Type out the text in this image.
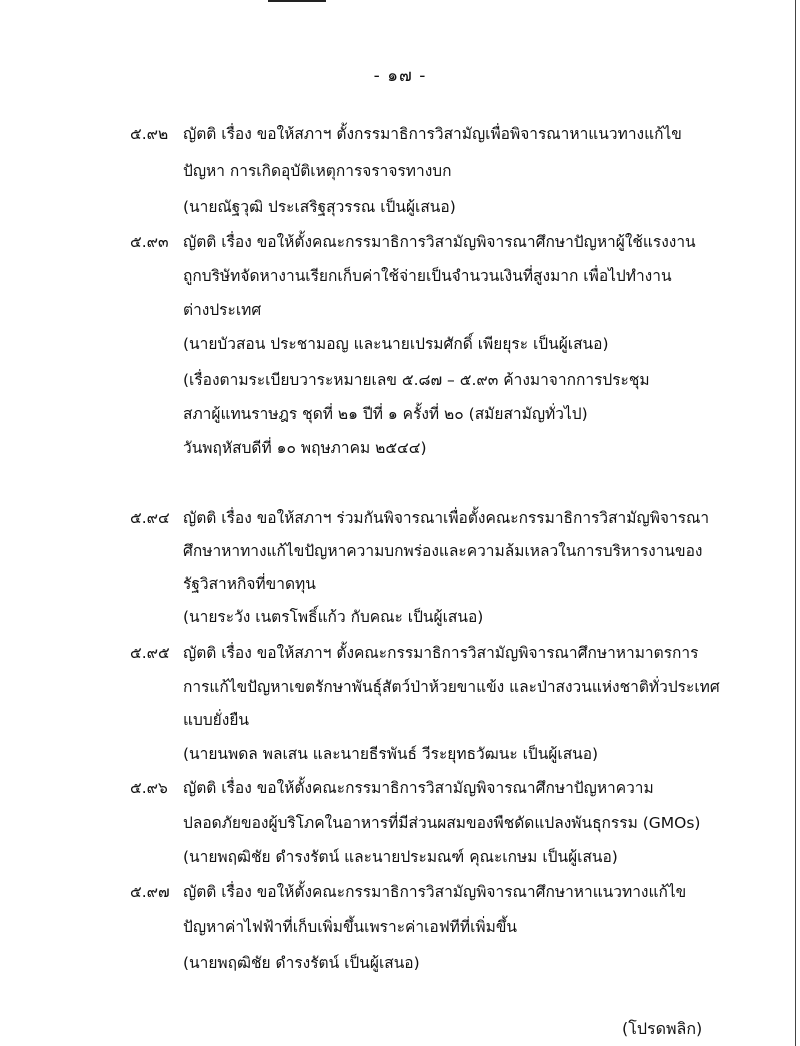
- ๑๗ -
๕.๙๒ ญัตติ เรื่อง ขอให้สภาฯ ตั้งกรรมาธิการวิสามัญเพื่อพิจารณาหาแนวทางแก้ไข
ปัญหา การเกิดอุบัติเหตุการจราจรทางบก
(นายณัฐวุฒิ ประเสริฐสุวรรณ เป็นผู้เสนอ)
๕.๙๓ ญัตติ เรื่อง ขอให้ตั้งคณะกรรมาธิการวิสามัญพิจารณาศึกษาปัญหาผู้ใช้แรงงาน
ถูกบริษัทจัดหางานเรียกเก็บค่าใช้จ่ายเป็นจำนวนเงินที่สูงมาก เพื่อไปทำงาน
ต่างประเทศ
(นายบัวสอน ประชามอญ และนายเปรมศักดิ์ เพียยุระ เป็นผู้เสนอ)
(เรื่องตามระเบียบวาระหมายเลข ๕.๘๗ – ๕.๙๓ ค้างมาจากการประชุม
สภาผู้แทนราษฎร ชุดที่ ๒๑ ปีที่ ๑ ครั้งที่ ๒๐ (สมัยสามัญทั่วไป)
วันพฤหัสบดีที่ ๑๐ พฤษภาคม ๒๕๔๔)
๕.๙๔ ญัตติ เรื่อง ขอให้สภาฯ ร่วมกันพิจารณาเพื่อตั้งคณะกรรมาธิการวิสามัญพิจารณา
ศึกษาหาทางแก้ไขปัญหาความบกพร่องและความล้มเหลวในการบริหารงานของ
รัฐวิสาหกิจที่ขาดทุน
(นายระวัง เนตรโพธิ์แก้ว กับคณะ เป็นผู้เสนอ)
๕.๙๕ ญัตติ เรื่อง ขอให้สภาฯ ตั้งคณะกรรมาธิการวิสามัญพิจารณาศึกษาหามาตรการ
การแก้ไขปัญหาเขตรักษาพันธุ์สัตว์ป่าห้วยขาแข้ง และป่าสงวนแห่งชาติทั่วประเทศ
แบบยั่งยืน
(นายนพดล พลเสน และนายธีรพันธ์ วีระยุทธวัฒนะ เป็นผู้เสนอ)
๕.๙๖ ญัตติ เรื่อง ขอให้ตั้งคณะกรรมาธิการวิสามัญพิจารณาศึกษาปัญหาความ
ปลอดภัยของผู้บริโภคในอาหารที่มีส่วนผสมของพืชดัดแปลงพันธุกรรม (GMOs)
(นายพฤฒิชัย ดำรงรัตน์ และนายประมณฑ์ คุณะเกษม เป็นผู้เสนอ)
๕.๙๗ ญัตติ เรื่อง ขอให้ตั้งคณะกรรมาธิการวิสามัญพิจารณาศึกษาหาแนวทางแก้ไข
ปัญหาค่าไฟฟ้าที่เก็บเพิ่มขึ้นเพราะค่าเอฟทีที่เพิ่มขึ้น
(นายพฤฒิชัย ดำรงรัตน์ เป็นผู้เสนอ)
(โปรดพลิก)
